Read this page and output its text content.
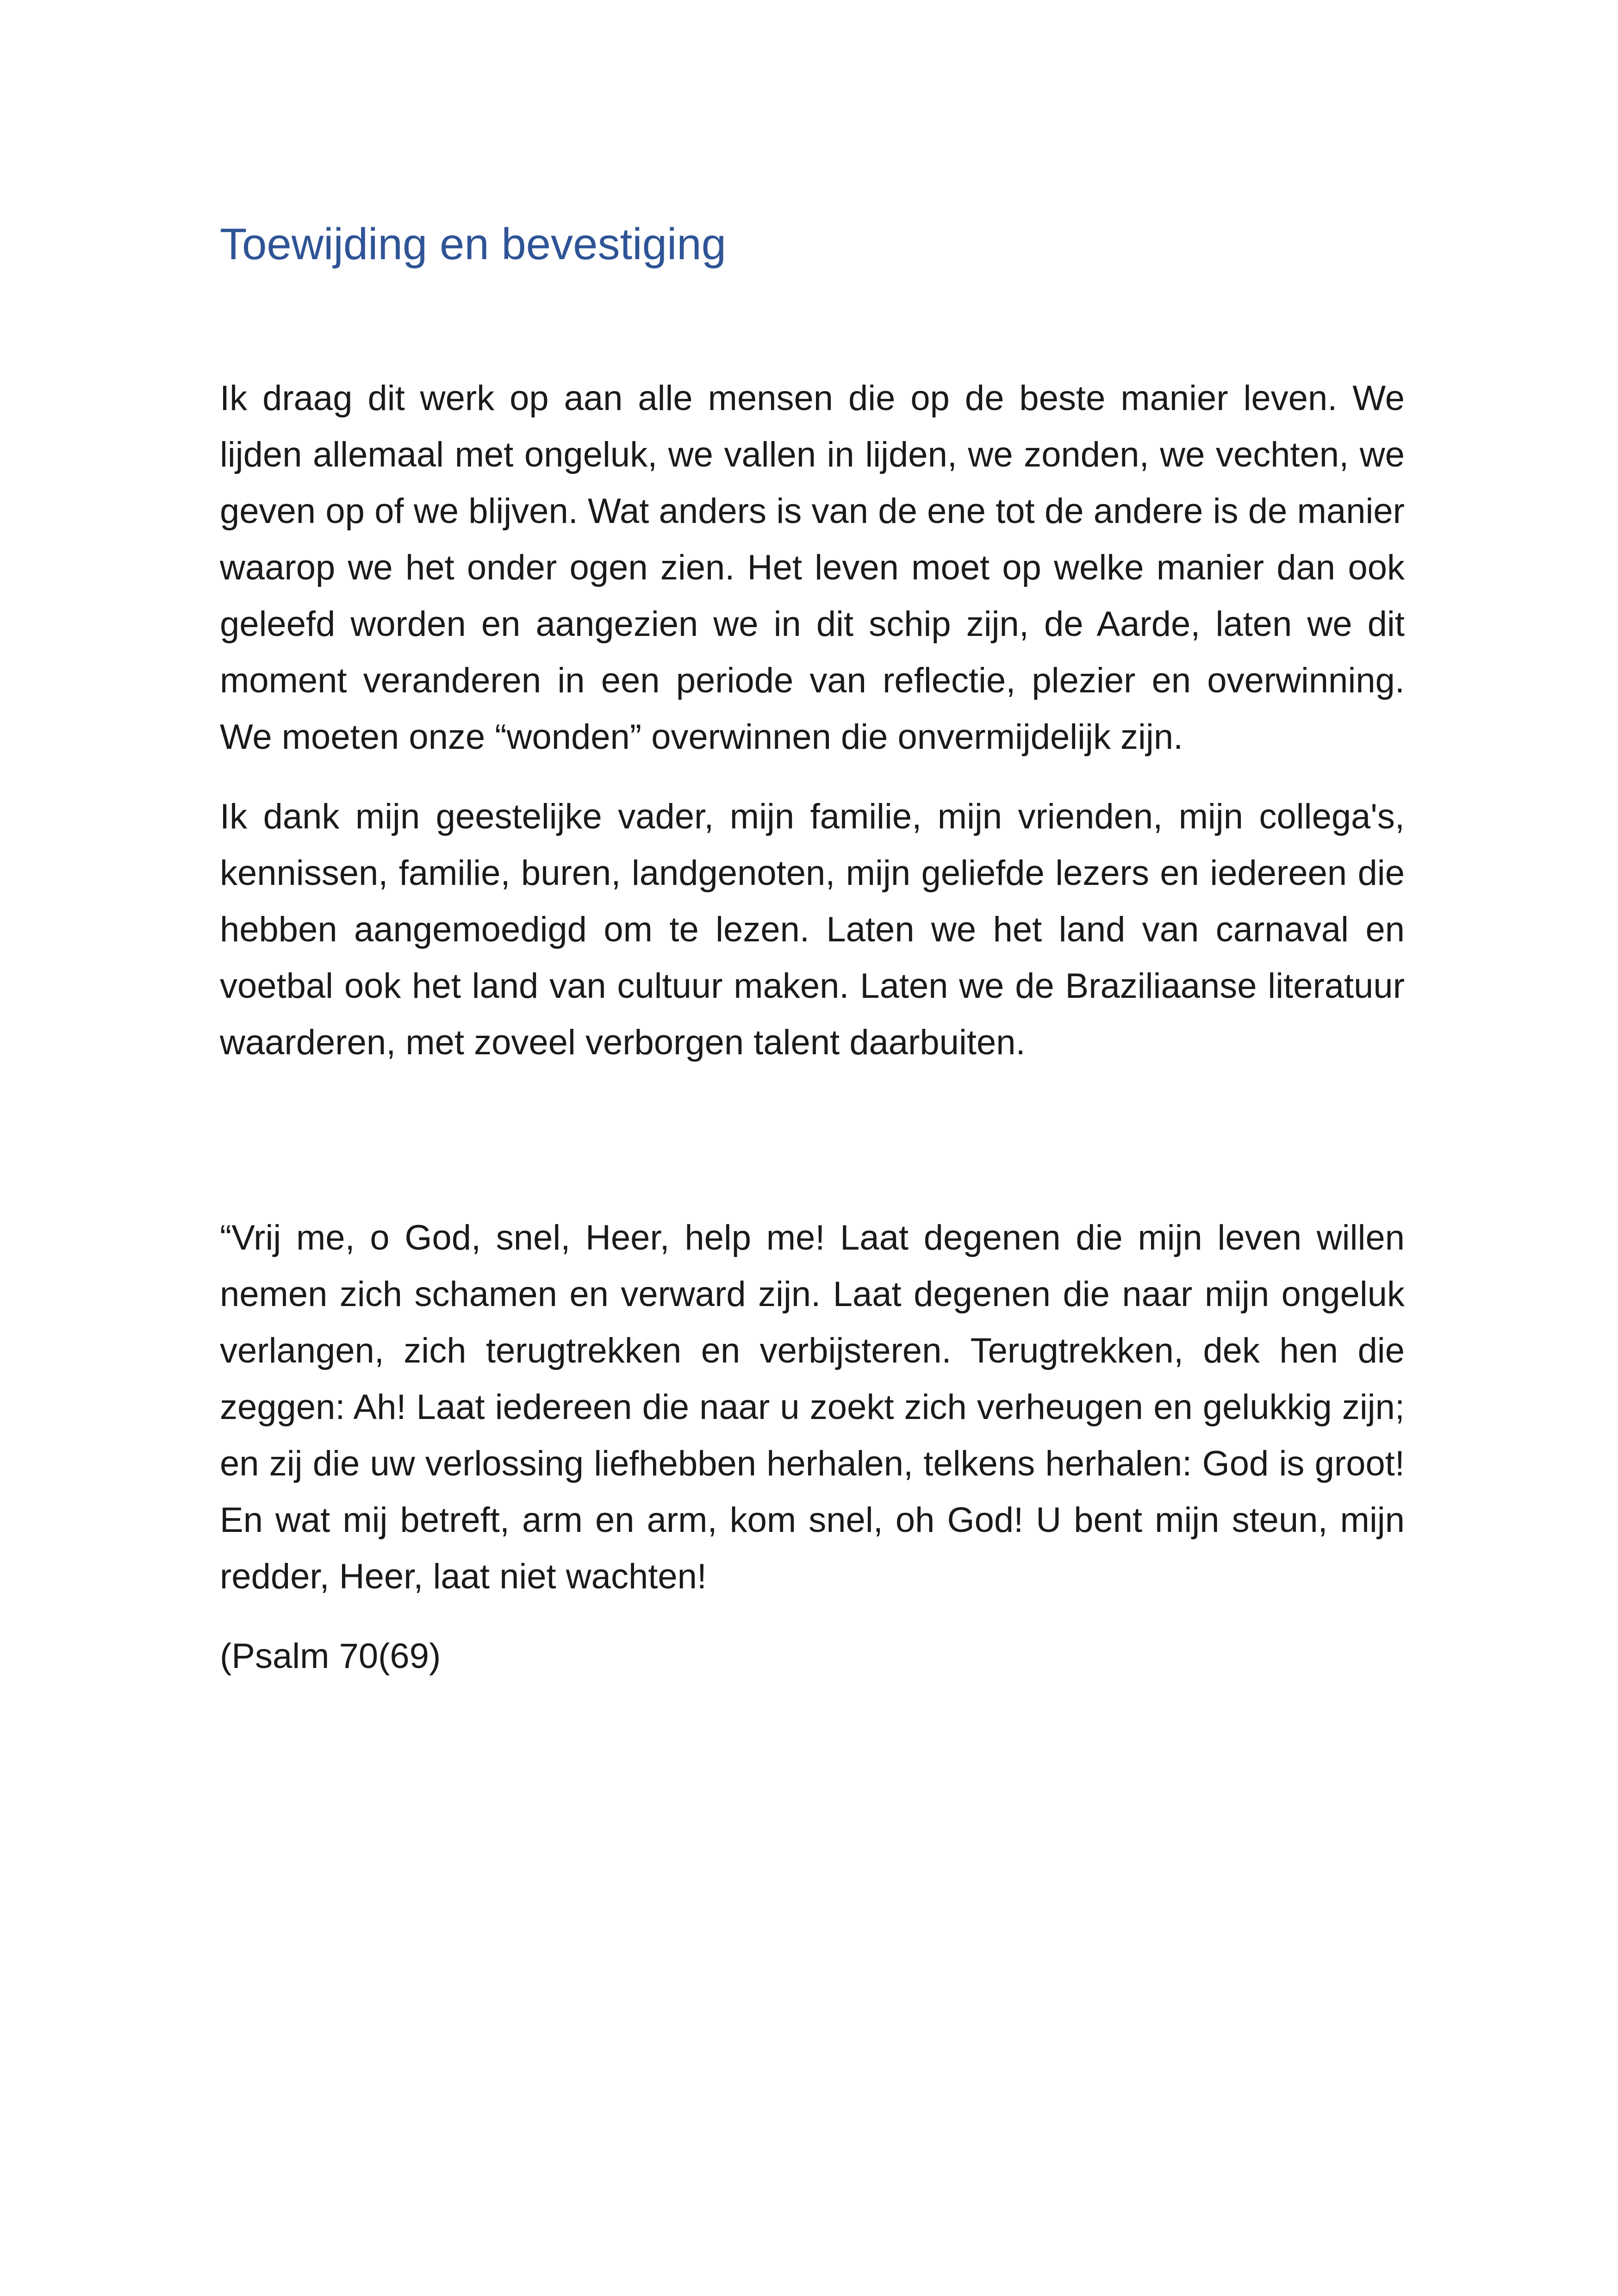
Toewijding en bevestiging

Ik draag dit werk op aan alle mensen die op de beste manier leven. We lijden allemaal met ongeluk, we vallen in lijden, we zonden, we vechten, we geven op of we blijven. Wat anders is van de ene tot de andere is de manier waarop we het onder ogen zien. Het leven moet op welke manier dan ook geleefd worden en aangezien we in dit schip zijn, de Aarde, laten we dit moment veranderen in een periode van reflectie, plezier en overwinning. We moeten onze “wonden” overwinnen die onvermijdelijk zijn.

Ik dank mijn geestelijke vader, mijn familie, mijn vrienden, mijn collega's, kennissen, familie, buren, landgenoten, mijn geliefde lezers en iedereen die hebben aangemoedigd om te lezen. Laten we het land van carnaval en voetbal ook het land van cultuur maken. Laten we de Braziliaanse literatuur waarderen, met zoveel verborgen talent daarbuiten.

“Vrij me, o God, snel, Heer, help me! Laat degenen die mijn leven willen nemen zich schamen en verward zijn. Laat degenen die naar mijn ongeluk verlangen, zich terugtrekken en verbijsteren. Terugtrekken, dek hen die zeggen: Ah! Laat iedereen die naar u zoekt zich verheugen en gelukkig zijn; en zij die uw verlossing liefhebben herhalen, telkens herhalen: God is groot! En wat mij betreft, arm en arm, kom snel, oh God! U bent mijn steun, mijn redder, Heer, laat niet wachten!

(Psalm 70(69)
